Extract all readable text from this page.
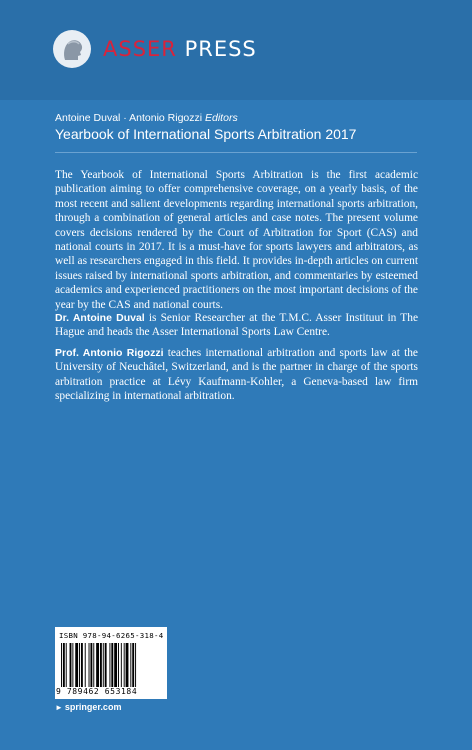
ASSER PRESS
Antoine Duval · Antonio Rigozzi Editors
Yearbook of International Sports Arbitration 2017

The Yearbook of International Sports Arbitration is the first academic publication aiming to offer comprehensive coverage, on a yearly basis, of the most recent and salient developments regarding international sports arbitration, through a combination of general articles and case notes. The present volume covers decisions rendered by the Court of Arbitration for Sport (CAS) and national courts in 2017. It is a must-have for sports lawyers and arbitrators, as well as researchers engaged in this field. It provides in-depth articles on current issues raised by international sports arbitration, and commentaries by esteemed academics and experienced practitioners on the most important decisions of the year by the CAS and national courts.

Dr. Antoine Duval is Senior Researcher at the T.M.C. Asser Instituut in The Hague and heads the Asser International Sports Law Centre.

Prof. Antonio Rigozzi teaches international arbitration and sports law at the University of Neuchâtel, Switzerland, and is the partner in charge of the sports arbitration practice at Lévy Kaufmann-Kohler, a Geneva-based law firm specializing in international arbitration.

ISBN 978-94-6265-318-4
9 789462 653184
► springer.com
